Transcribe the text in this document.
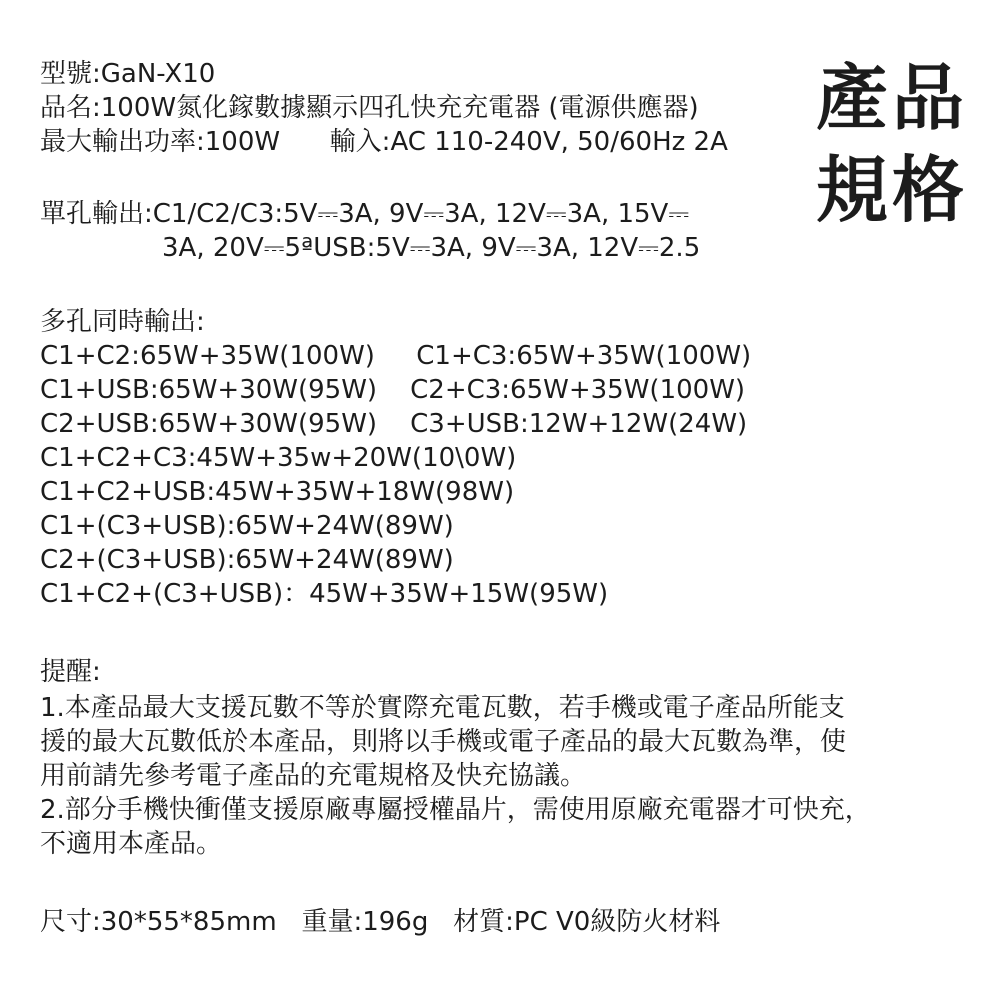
產品
規格
型號:GaN-X10
品名:100W氮化鎵數據顯示四孔快充充電器 (電源供應器)
最大輸出功率:100W      輸入:AC 110-240V, 50/60Hz 2A
單孔輸出:C1/C2/C3:5V⎓3A, 9V⎓3A, 12V⎓3A, 15V⎓
3A, 20V⎓5ªUSB:5V⎓3A, 9V⎓3A, 12V⎓2.5
多孔同時輸出:
C1+C2:65W+35W(100W)     C1+C3:65W+35W(100W)
C1+USB:65W+30W(95W)    C2+C3:65W+35W(100W)
C2+USB:65W+30W(95W)    C3+USB:12W+12W(24W)
C1+C2+C3:45W+35w+20W(10\0W)
C1+C2+USB:45W+35W+18W(98W)
C1+(C3+USB):65W+24W(89W)
C2+(C3+USB):65W+24W(89W)
C1+C2+(C3+USB)：45W+35W+15W(95W)
提醒:
1.本產品最大支援瓦數不等於實際充電瓦數，若手機或電子產品所能支
援的最大瓦數低於本產品，則將以手機或電子產品的最大瓦數為準，使
用前請先參考電子產品的充電規格及快充協議。
2.部分手機快衝僅支援原廠專屬授權晶片，需使用原廠充電器才可快充，
不適用本產品。
尺寸:30*55*85mm   重量:196g   材質:PC V0級防火材料
